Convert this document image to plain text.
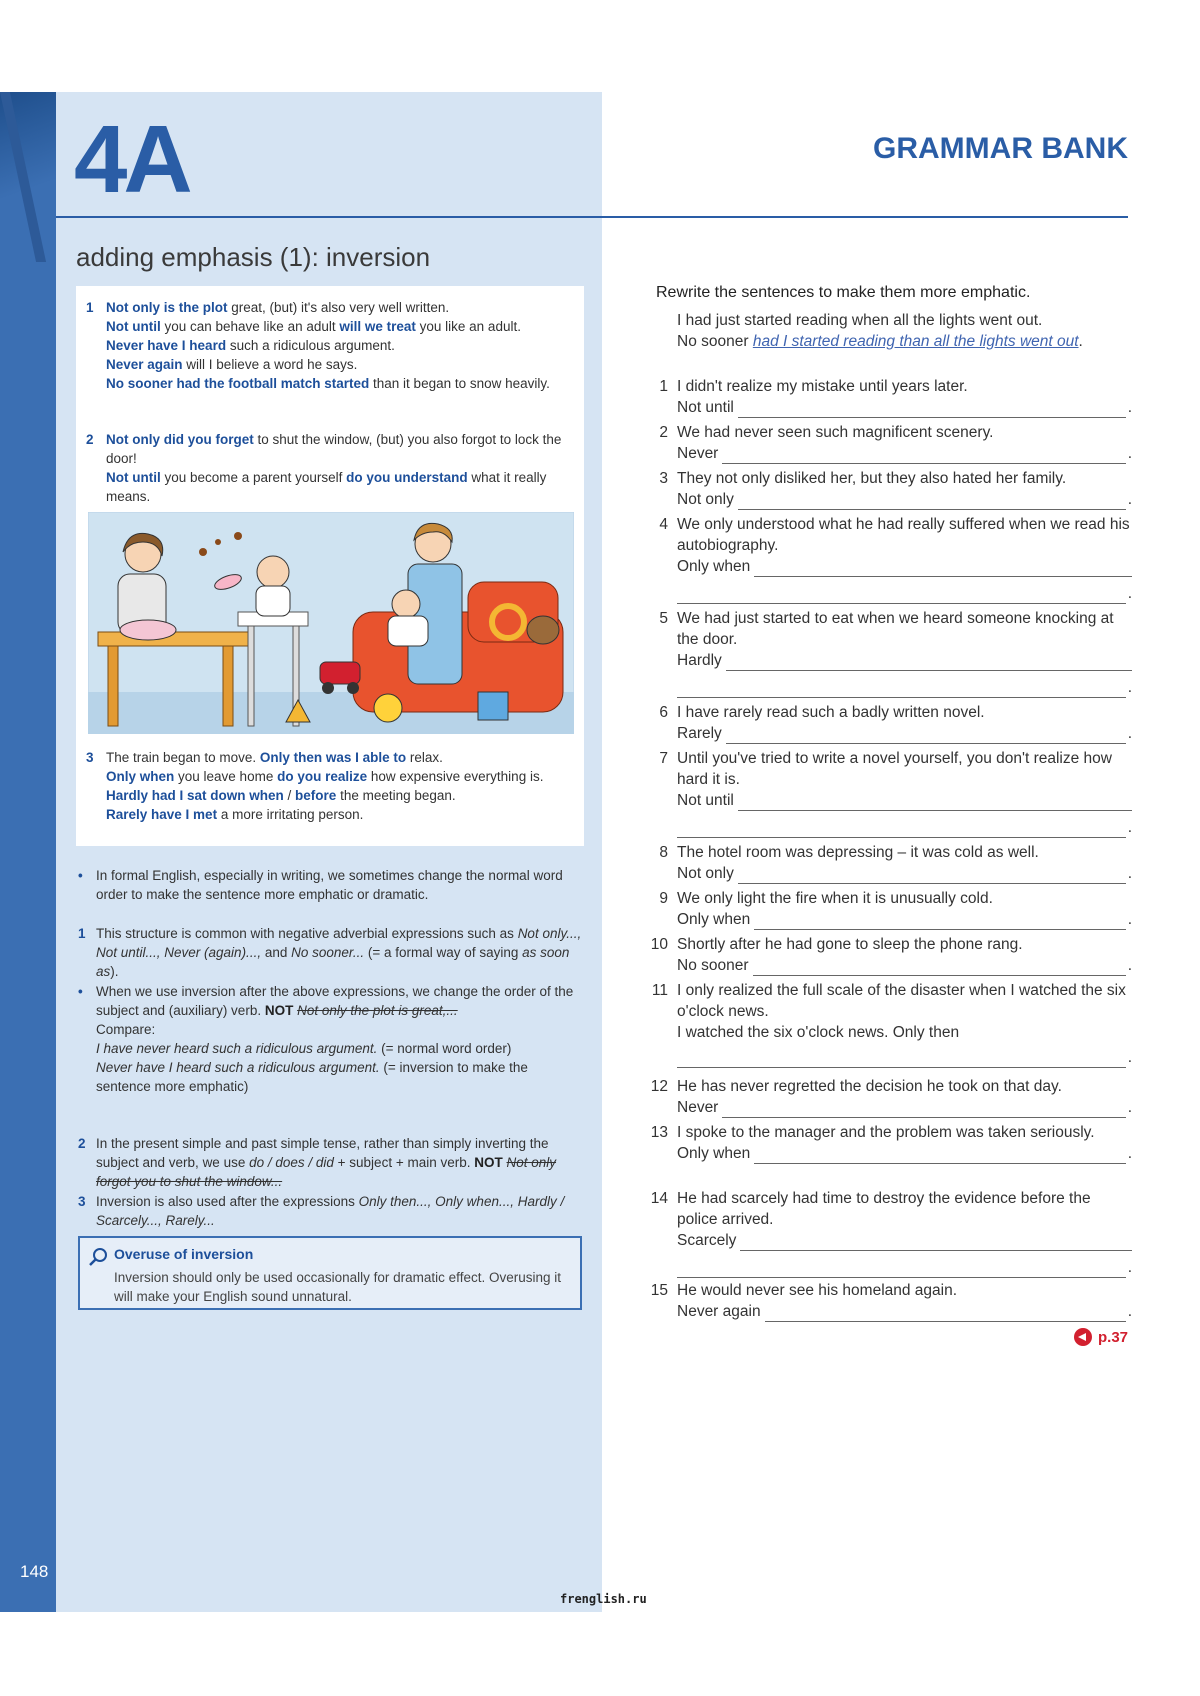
148
4A	GRAMMAR BANK
adding emphasis (1): inversion
1 Not only is the plot great, (but) it's also very well written.
Not until you can behave like an adult will we treat you like an adult.
Never have I heard such a ridiculous argument.
Never again will I believe a word he says.
No sooner had the football match started than it began to snow heavily.
2 Not only did you forget to shut the window, (but) you also forgot to lock the door!
Not until you become a parent yourself do you understand what it really means.
3 The train began to move. Only then was I able to relax.
Only when you leave home do you realize how expensive everything is.
Hardly had I sat down when / before the meeting began.
Rarely have I met a more irritating person.
• In formal English, especially in writing, we sometimes change the normal word order to make the sentence more emphatic or dramatic.
1 This structure is common with negative adverbial expressions such as Not only..., Not until..., Never (again)..., and No sooner... (= a formal way of saying as soon as).
• When we use inversion after the above expressions, we change the order of the subject and (auxiliary) verb. NOT Not only the plot is great,...
Compare:
I have never heard such a ridiculous argument. (= normal word order)
Never have I heard such a ridiculous argument. (= inversion to make the sentence more emphatic)
2 In the present simple and past simple tense, rather than simply inverting the subject and verb, we use do / does / did + subject + main verb. NOT Not only forgot you to shut the window...
3 Inversion is also used after the expressions Only then..., Only when..., Hardly / Scarcely..., Rarely...
Overuse of inversion
Inversion should only be used occasionally for dramatic effect. Overusing it will make your English sound unnatural.
Rewrite the sentences to make them more emphatic.
I had just started reading when all the lights went out.
No sooner had I started reading than all the lights went out.
1 I didn't realize my mistake until years later.
Not until	.
2 We had never seen such magnificent scenery.
Never	.
3 They not only disliked her, but they also hated her family.
Not only	.
4 We only understood what he had really suffered when we read his autobiography.
Only when
.
5 We had just started to eat when we heard someone knocking at the door.
Hardly
.
6 I have rarely read such a badly written novel.
Rarely	.
7 Until you've tried to write a novel yourself, you don't realize how hard it is.
Not until
.
8 The hotel room was depressing – it was cold as well.
Not only	.
9 We only light the fire when it is unusually cold.
Only when	.
10 Shortly after he had gone to sleep the phone rang.
No sooner	.
11 I only realized the full scale of the disaster when I watched the six o'clock news.
I watched the six o'clock news. Only then
.
12 He has never regretted the decision he took on that day.
Never	.
13 I spoke to the manager and the problem was taken seriously.
Only when	.
14 He had scarcely had time to destroy the evidence before the police arrived.
Scarcely
.
15 He would never see his homeland again.
Never again	.
p.37
frenglish.ru
